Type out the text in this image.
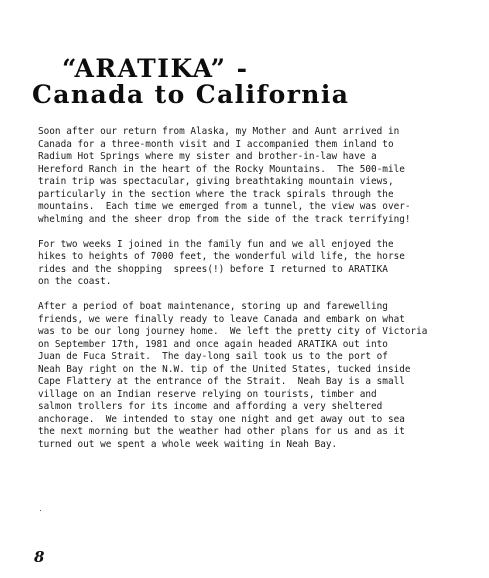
“ARATIKA” -
Canada to California

Soon after our return from Alaska, my Mother and Aunt arrived in
Canada for a three-month visit and I accompanied them inland to
Radium Hot Springs where my sister and brother-in-law have a
Hereford Ranch in the heart of the Rocky Mountains.  The 500-mile
train trip was spectacular, giving breathtaking mountain views,
particularly in the section where the track spirals through the
mountains.  Each time we emerged from a tunnel, the view was over-
whelming and the sheer drop from the side of the track terrifying!

For two weeks I joined in the family fun and we all enjoyed the
hikes to heights of 7000 feet, the wonderful wild life, the horse
rides and the shopping  sprees(!) before I returned to ARATIKA
on the coast.

After a period of boat maintenance, storing up and farewelling
friends, we were finally ready to leave Canada and embark on what
was to be our long journey home.  We left the pretty city of Victoria
on September 17th, 1981 and once again headed ARATIKA out into
Juan de Fuca Strait.  The day-long sail took us to the port of
Neah Bay right on the N.W. tip of the United States, tucked inside
Cape Flattery at the entrance of the Strait.  Neah Bay is a small
village on an Indian reserve relying on tourists, timber and
salmon trollers for its income and affording a very sheltered
anchorage.  We intended to stay one night and get away out to sea
the next morning but the weather had other plans for us and as it
turned out we spent a whole week waiting in Neah Bay.

8
